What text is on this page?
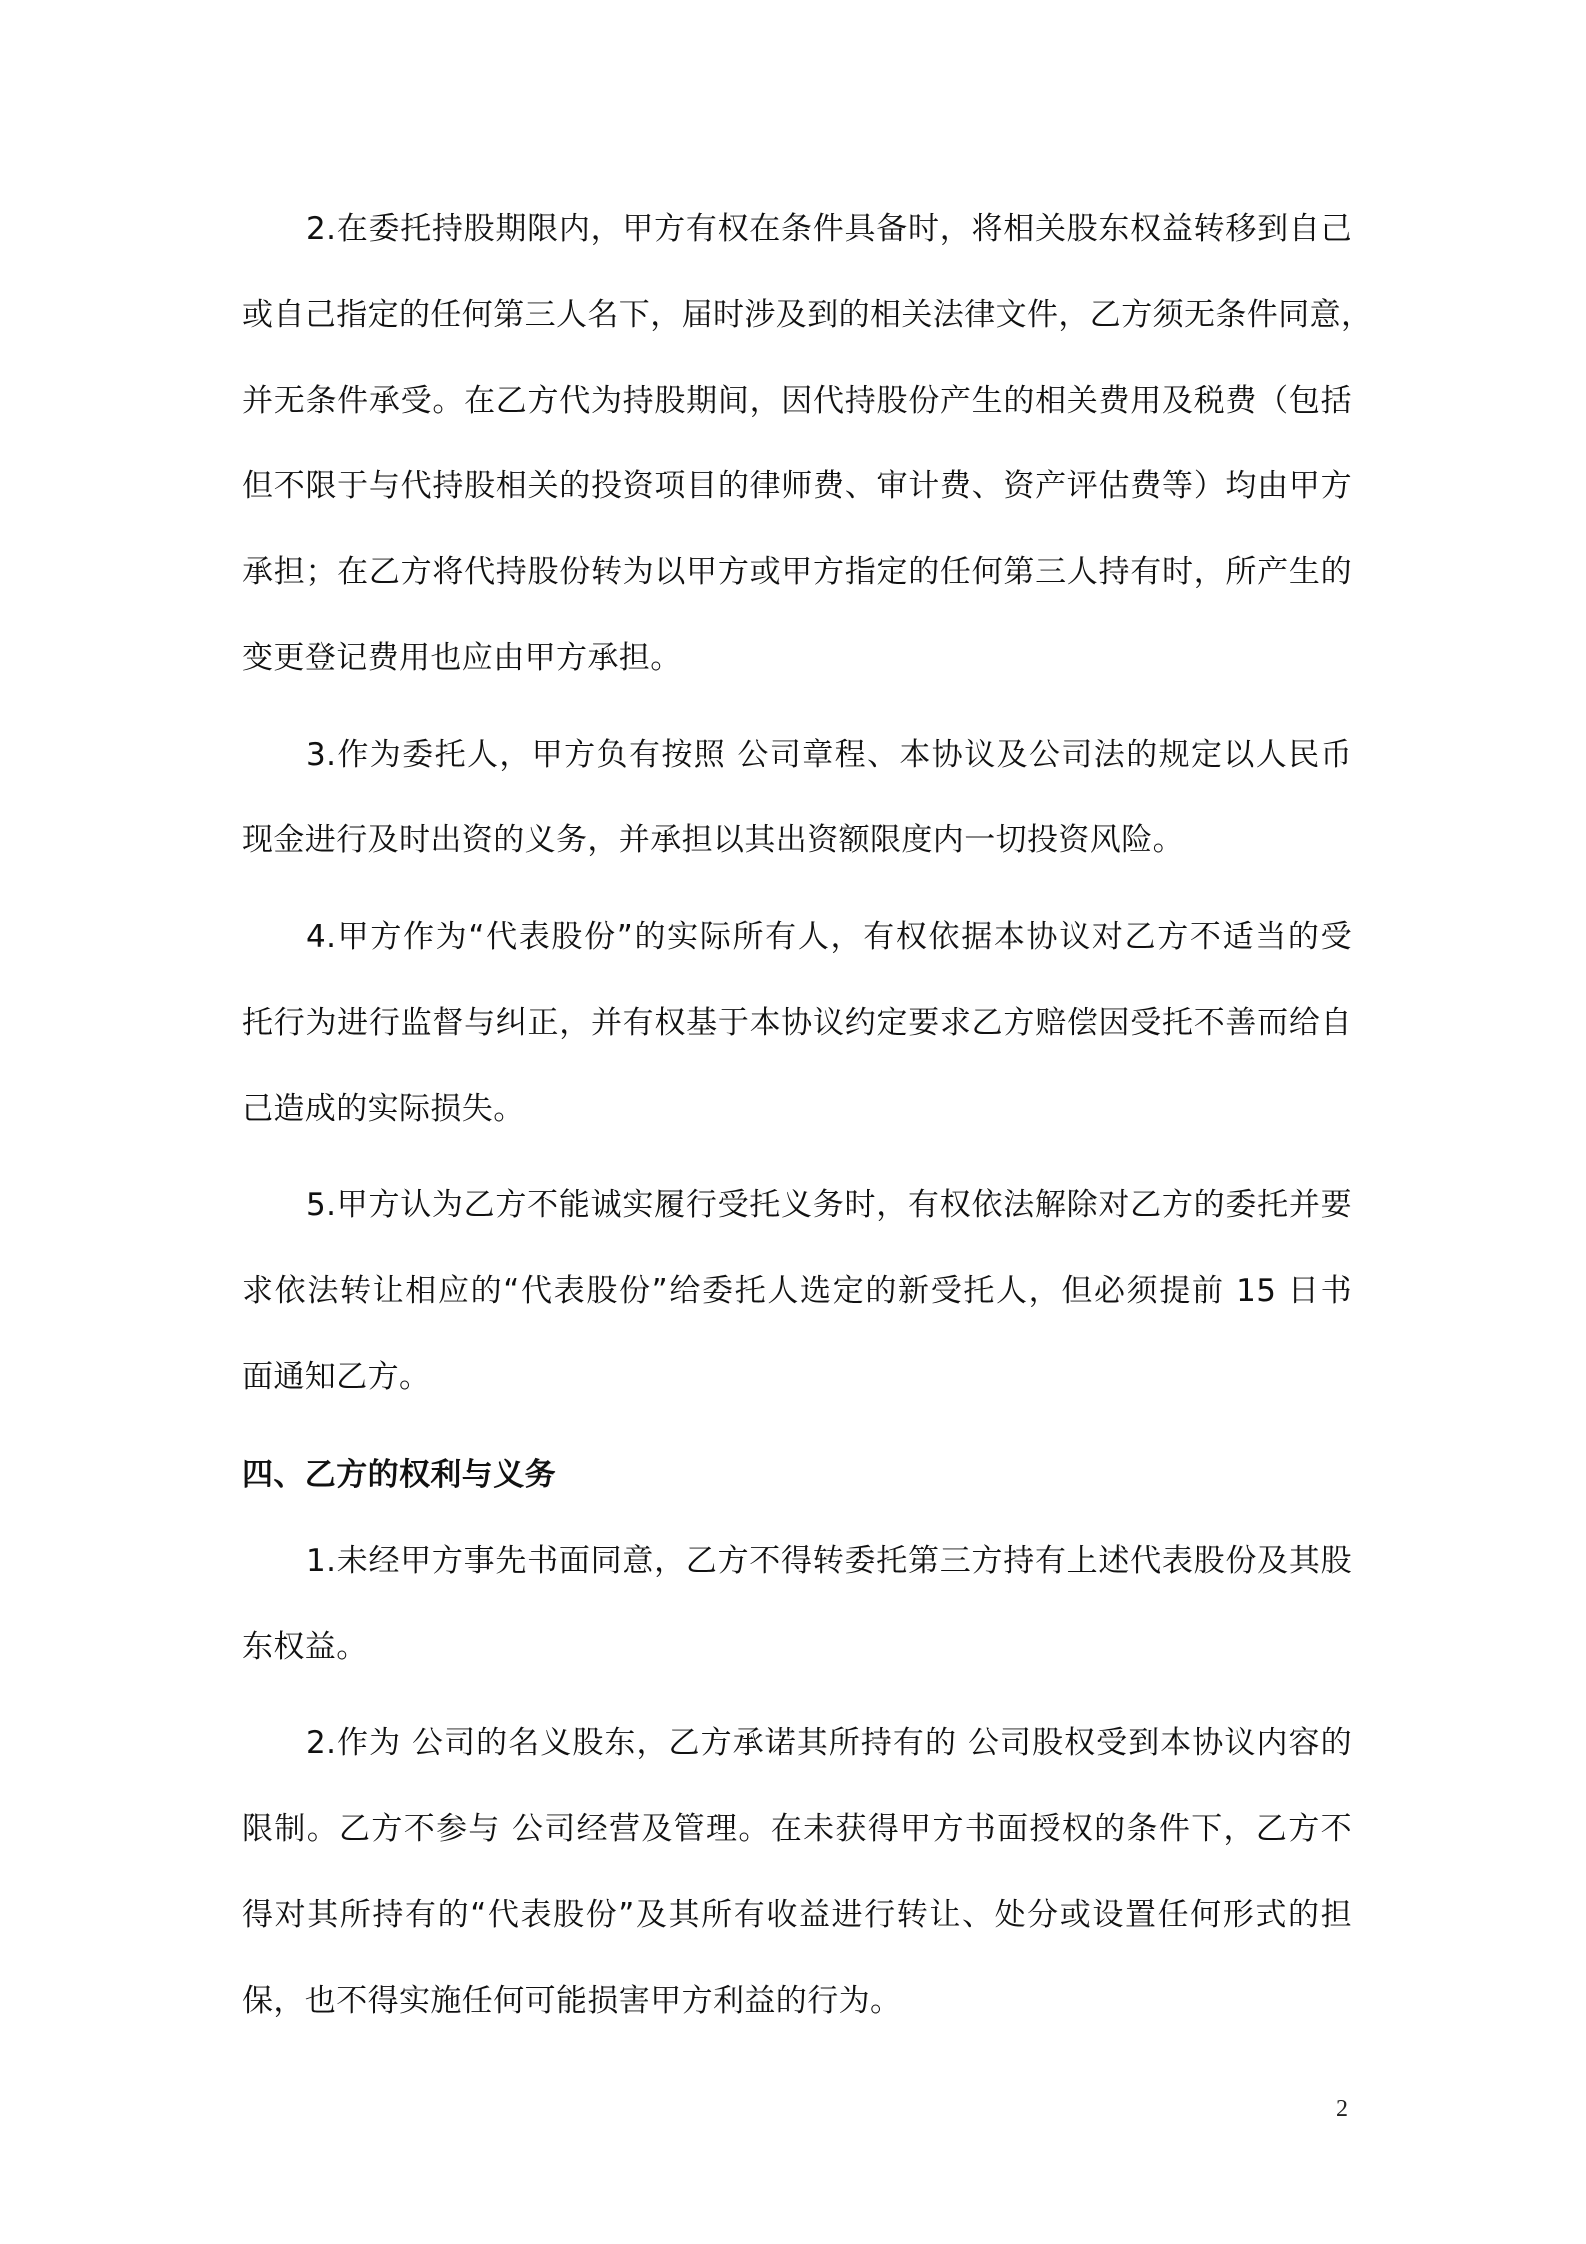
2.在委托持股期限内，甲方有权在条件具备时，将相关股东权益转移到自己
或自己指定的任何第三人名下，届时涉及到的相关法律文件，乙方须无条件同意，
并无条件承受。在乙方代为持股期间，因代持股份产生的相关费用及税费（包括
但不限于与代持股相关的投资项目的律师费、审计费、资产评估费等）均由甲方
承担；在乙方将代持股份转为以甲方或甲方指定的任何第三人持有时，所产生的
变更登记费用也应由甲方承担。
3.作为委托人，甲方负有按照 公司章程、本协议及公司法的规定以人民币
现金进行及时出资的义务，并承担以其出资额限度内一切投资风险。
4.甲方作为“代表股份”的实际所有人，有权依据本协议对乙方不适当的受
托行为进行监督与纠正，并有权基于本协议约定要求乙方赔偿因受托不善而给自
己造成的实际损失。
5.甲方认为乙方不能诚实履行受托义务时，有权依法解除对乙方的委托并要
求依法转让相应的“代表股份”给委托人选定的新受托人，但必须提前 15 日书
面通知乙方。
四、乙方的权利与义务
1.未经甲方事先书面同意，乙方不得转委托第三方持有上述代表股份及其股
东权益。
2.作为 公司的名义股东，乙方承诺其所持有的 公司股权受到本协议内容的
限制。乙方不参与 公司经营及管理。在未获得甲方书面授权的条件下，乙方不
得对其所持有的“代表股份”及其所有收益进行转让、处分或设置任何形式的担
保，也不得实施任何可能损害甲方利益的行为。
2
